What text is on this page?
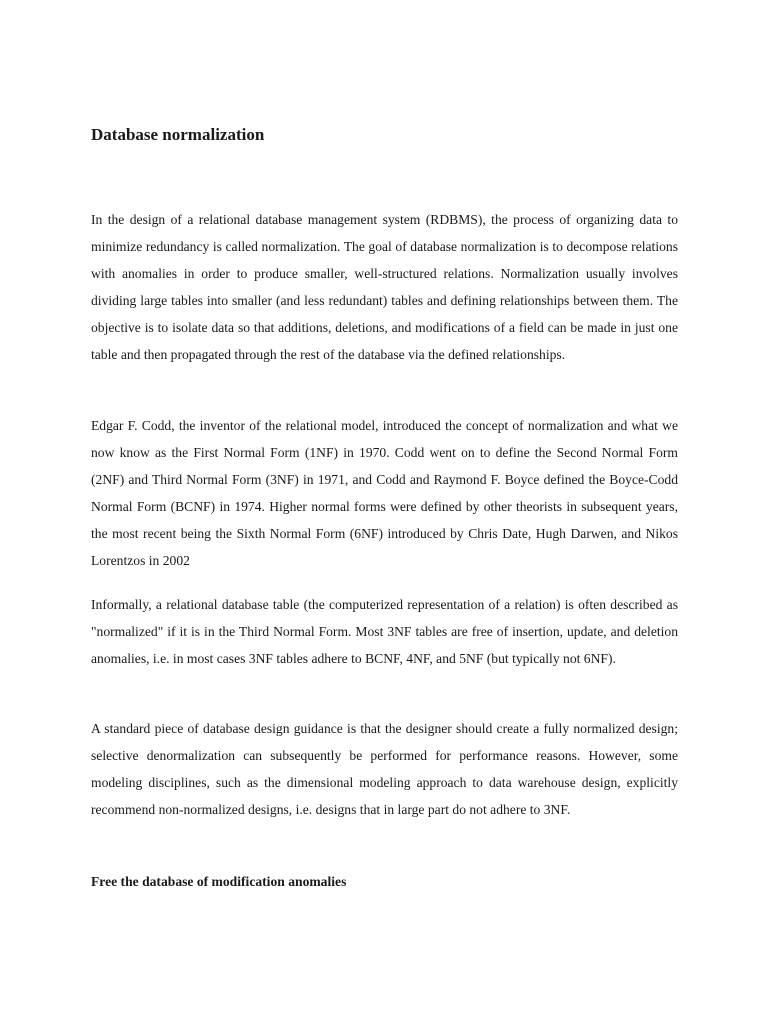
Database normalization

In the design of a relational database management system (RDBMS), the process of organizing data to minimize redundancy is called normalization. The goal of database normalization is to decompose relations with anomalies in order to produce smaller, well-structured relations. Normalization usually involves dividing large tables into smaller (and less redundant) tables and defining relationships between them. The objective is to isolate data so that additions, deletions, and modifications of a field can be made in just one table and then propagated through the rest of the database via the defined relationships.

Edgar F. Codd, the inventor of the relational model, introduced the concept of normalization and what we now know as the First Normal Form (1NF) in 1970. Codd went on to define the Second Normal Form (2NF) and Third Normal Form (3NF) in 1971, and Codd and Raymond F. Boyce defined the Boyce-Codd Normal Form (BCNF) in 1974. Higher normal forms were defined by other theorists in subsequent years, the most recent being the Sixth Normal Form (6NF) introduced by Chris Date, Hugh Darwen, and Nikos Lorentzos in 2002

Informally, a relational database table (the computerized representation of a relation) is often described as "normalized" if it is in the Third Normal Form. Most 3NF tables are free of insertion, update, and deletion anomalies, i.e. in most cases 3NF tables adhere to BCNF, 4NF, and 5NF (but typically not 6NF).

A standard piece of database design guidance is that the designer should create a fully normalized design; selective denormalization can subsequently be performed for performance reasons. However, some modeling disciplines, such as the dimensional modeling approach to data warehouse design, explicitly recommend non-normalized designs, i.e. designs that in large part do not adhere to 3NF.

Free the database of modification anomalies
